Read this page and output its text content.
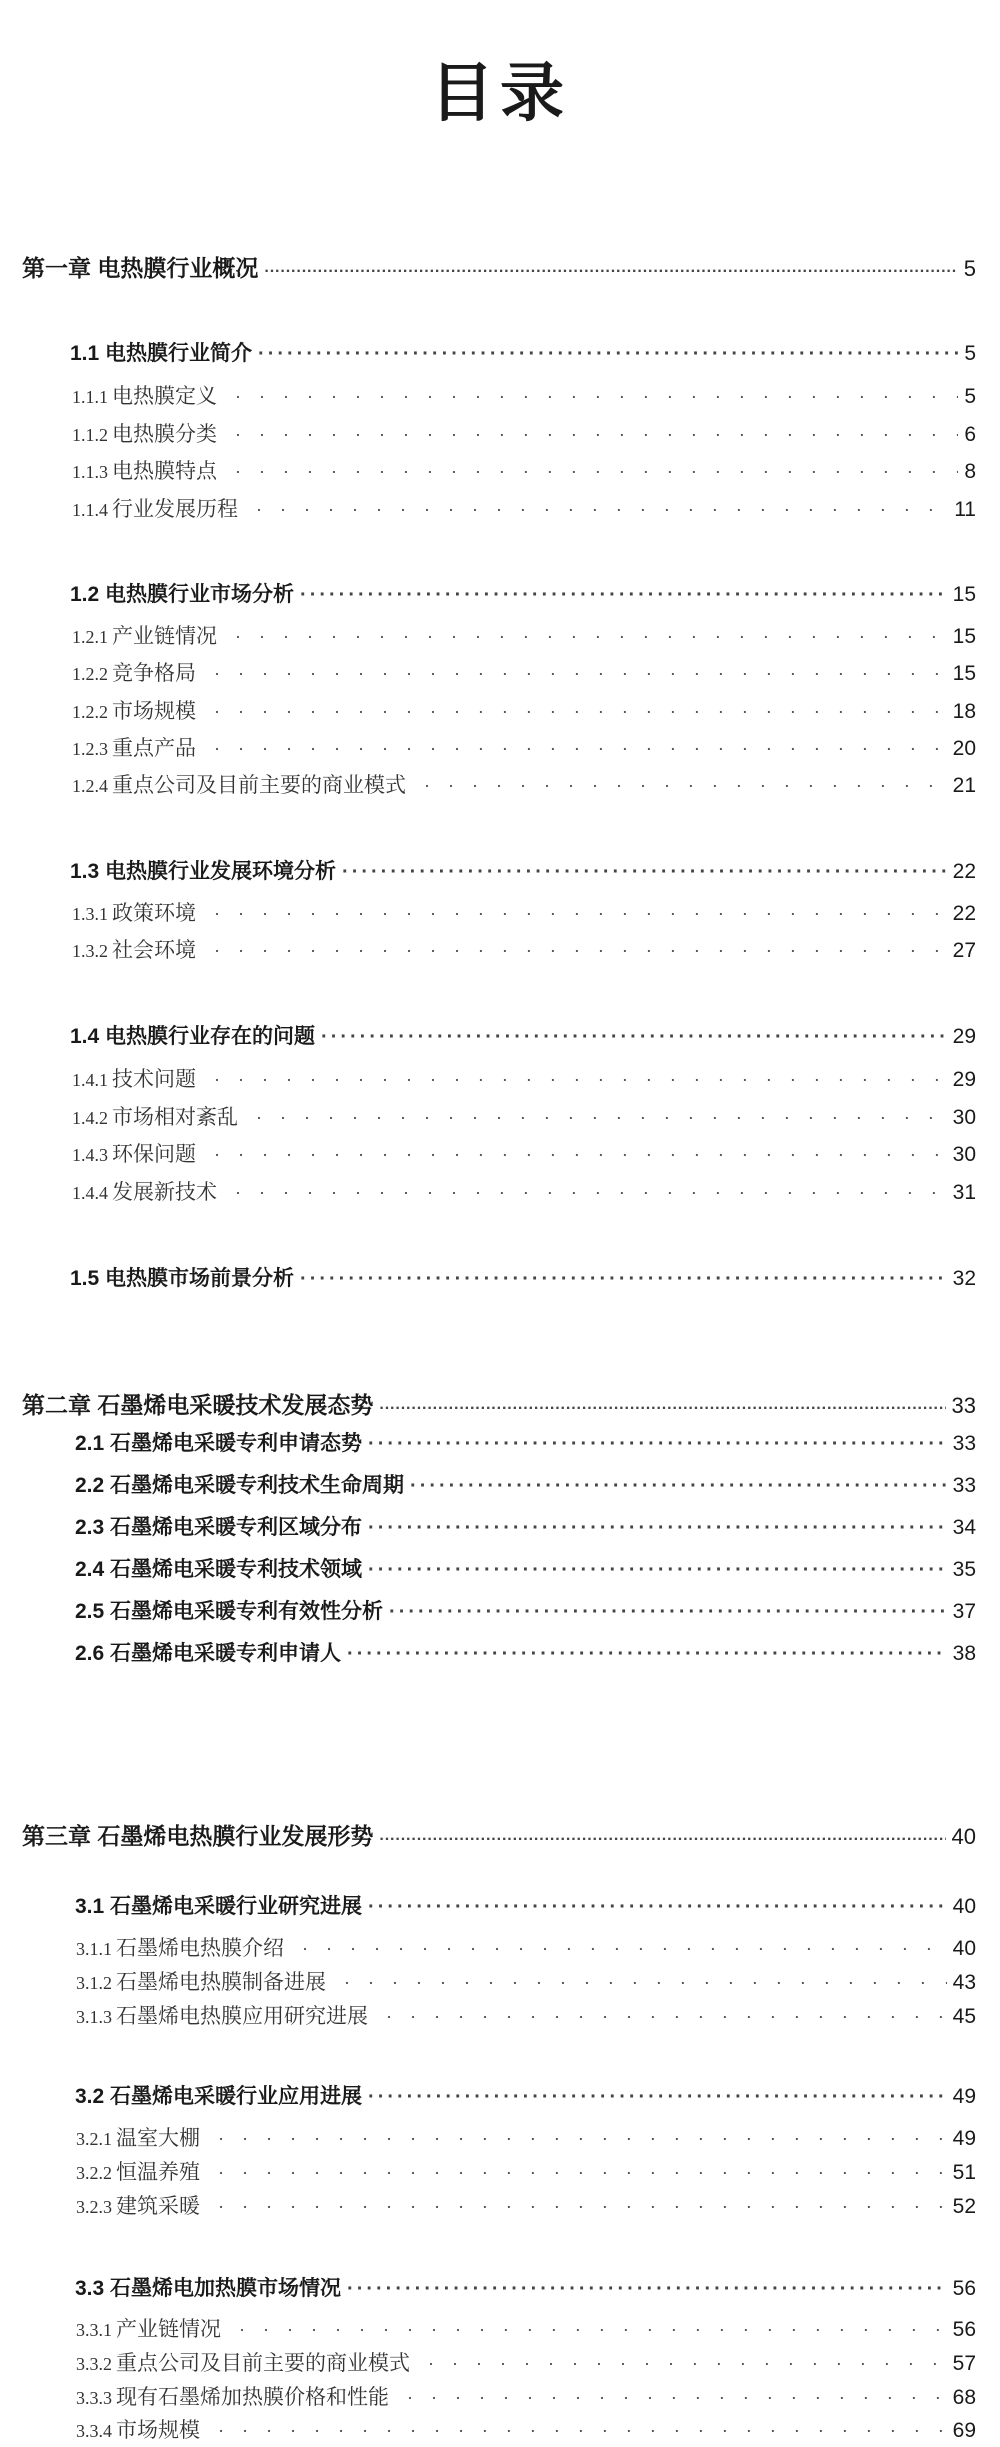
目录
第一章 电热膜行业概况 ·····	5
1.1 电热膜行业简介 ·····	5
1.1.1 电热膜定义 ·	5
1.1.2 电热膜分类 ·	6
1.1.3 电热膜特点 ·	8
1.1.4 行业发展历程 ·	11
1.2 电热膜行业市场分析 ·····	15
1.2.1 产业链情况 ·	15
1.2.2 竞争格局 ·	15
1.2.2 市场规模 ·	18
1.2.3 重点产品 ·	20
1.2.4 重点公司及目前主要的商业模式 ·	21
1.3 电热膜行业发展环境分析 ·····	22
1.3.1 政策环境 ·	22
1.3.2 社会环境 ·	27
1.4 电热膜行业存在的问题 ·····	29
1.4.1 技术问题 ·	29
1.4.2 市场相对紊乱 ·	30
1.4.3 环保问题 ·	30
1.4.4 发展新技术 ·	31
1.5 电热膜市场前景分析 ·····	32
第二章 石墨烯电采暖技术发展态势 ·····	33
2.1 石墨烯电采暖专利申请态势 ·····	33
2.2 石墨烯电采暖专利技术生命周期 ·····	33
2.3 石墨烯电采暖专利区域分布 ·····	34
2.4 石墨烯电采暖专利技术领域 ·····	35
2.5 石墨烯电采暖专利有效性分析 ·····	37
2.6 石墨烯电采暖专利申请人 ·····	38
第三章 石墨烯电热膜行业发展形势 ·····	40
3.1 石墨烯电采暖行业研究进展 ·····	40
3.1.1 石墨烯电热膜介绍 ·	40
3.1.2 石墨烯电热膜制备进展 ·	43
3.1.3 石墨烯电热膜应用研究进展 ·	45
3.2 石墨烯电采暖行业应用进展 ·····	49
3.2.1 温室大棚 ·	49
3.2.2 恒温养殖 ·	51
3.2.3 建筑采暖 ·	52
3.3 石墨烯电加热膜市场情况 ·····	56
3.3.1 产业链情况 ·	56
3.3.2 重点公司及目前主要的商业模式 ·	57
3.3.3 现有石墨烯加热膜价格和性能 ·	68
3.3.4 市场规模 ·	69
